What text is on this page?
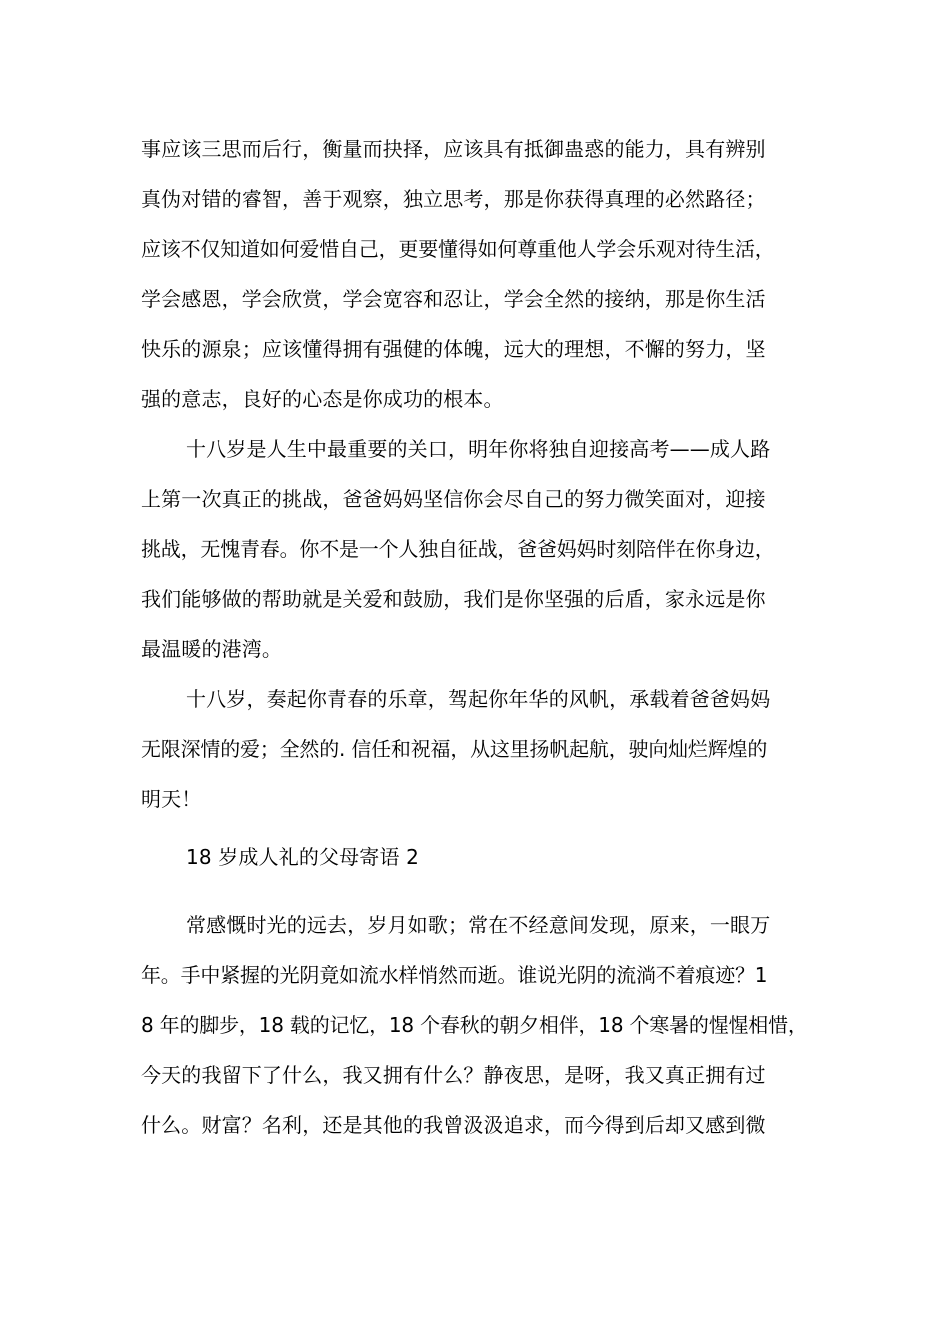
事应该三思而后行，衡量而抉择，应该具有抵御蛊惑的能力，具有辨别

真伪对错的睿智，善于观察，独立思考，那是你获得真理的必然路径；

应该不仅知道如何爱惜自己，更要懂得如何尊重他人学会乐观对待生活，

学会感恩，学会欣赏，学会宽容和忍让，学会全然的接纳，那是你生活

快乐的源泉；应该懂得拥有强健的体魄，远大的理想，不懈的努力，坚

强的意志，良好的心态是你成功的根本。

十八岁是人生中最重要的关口，明年你将独自迎接高考——成人路

上第一次真正的挑战，爸爸妈妈坚信你会尽自己的努力微笑面对，迎接

挑战，无愧青春。你不是一个人独自征战，爸爸妈妈时刻陪伴在你身边，

我们能够做的帮助就是关爱和鼓励，我们是你坚强的后盾，家永远是你

最温暖的港湾。

十八岁，奏起你青春的乐章，驾起你年华的风帆，承载着爸爸妈妈

无限深情的爱；全然的. 信任和祝福，从这里扬帆起航，驶向灿烂辉煌的

明天！

18 岁成人礼的父母寄语 2

常感慨时光的远去，岁月如歌；常在不经意间发现，原来，一眼万

年。手中紧握的光阴竟如流水样悄然而逝。谁说光阴的流淌不着痕迹？1

8 年的脚步，18 载的记忆，18 个春秋的朝夕相伴，18 个寒暑的惺惺相惜，

今天的我留下了什么，我又拥有什么？静夜思，是呀，我又真正拥有过

什么。财富？名利，还是其他的我曾汲汲追求，而今得到后却又感到微
